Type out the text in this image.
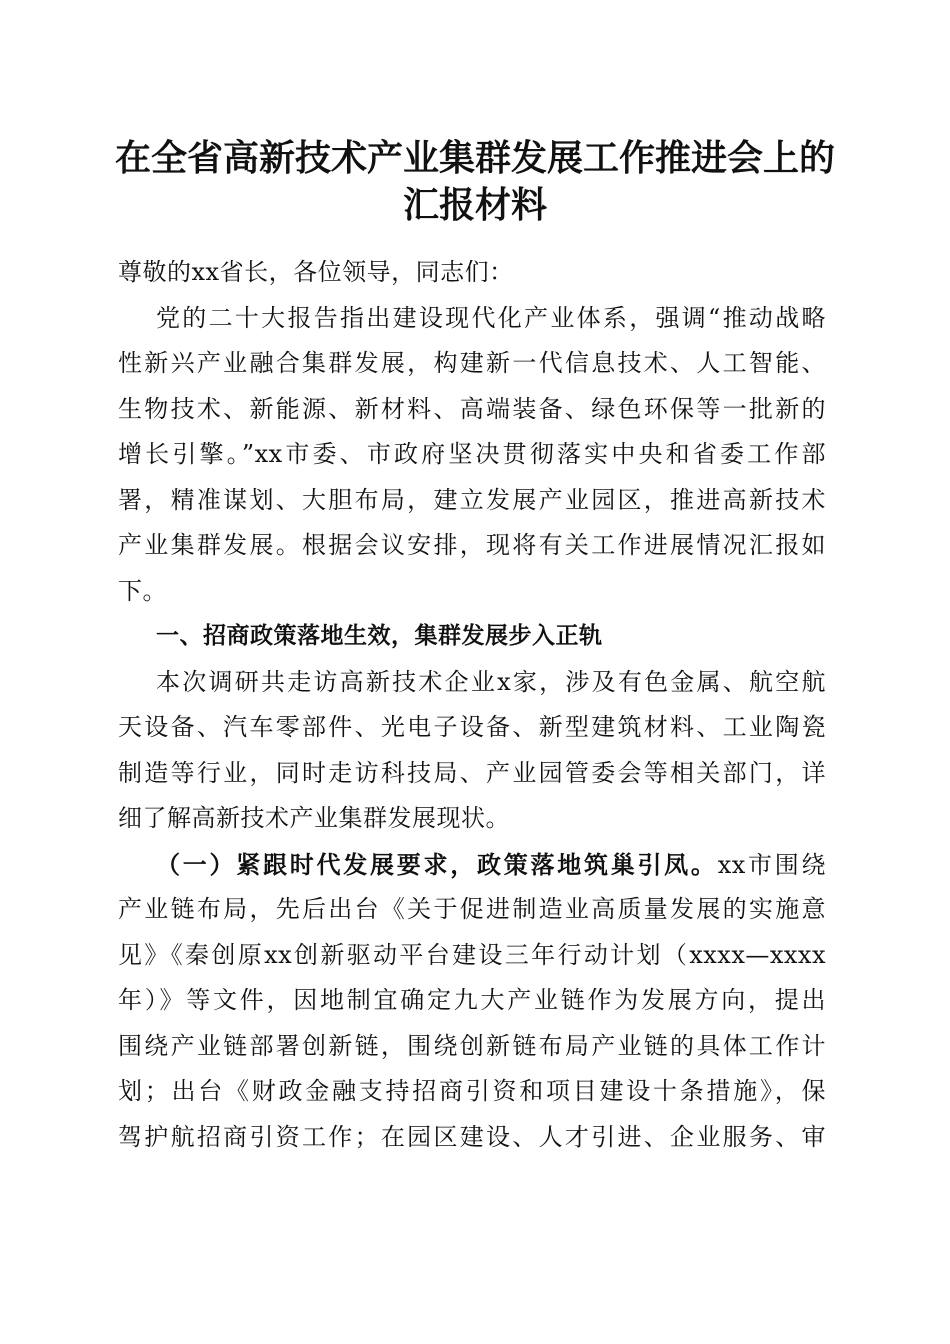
在全省高新技术产业集群发展工作推进会上的
汇报材料
尊敬的xx省长，各位领导，同志们：
党的二十大报告指出建设现代化产业体系，强调“推动战略
性新兴产业融合集群发展，构建新一代信息技术、人工智能、
生物技术、新能源、新材料、高端装备、绿色环保等一批新的
增长引擎。”xx市委、市政府坚决贯彻落实中央和省委工作部
署，精准谋划、大胆布局，建立发展产业园区，推进高新技术
产业集群发展。根据会议安排，现将有关工作进展情况汇报如
下。
一、招商政策落地生效，集群发展步入正轨
本次调研共走访高新技术企业x家，涉及有色金属、航空航
天设备、汽车零部件、光电子设备、新型建筑材料、工业陶瓷
制造等行业，同时走访科技局、产业园管委会等相关部门，详
细了解高新技术产业集群发展现状。
（一）紧跟时代发展要求，政策落地筑巢引凤。xx市围绕
产业链布局，先后出台《关于促进制造业高质量发展的实施意
见》《秦创原xx创新驱动平台建设三年行动计划（xxxx—xxxx
年）》等文件，因地制宜确定九大产业链作为发展方向，提出
围绕产业链部署创新链，围绕创新链布局产业链的具体工作计
划；出台《财政金融支持招商引资和项目建设十条措施》，保
驾护航招商引资工作；在园区建设、人才引进、企业服务、审
